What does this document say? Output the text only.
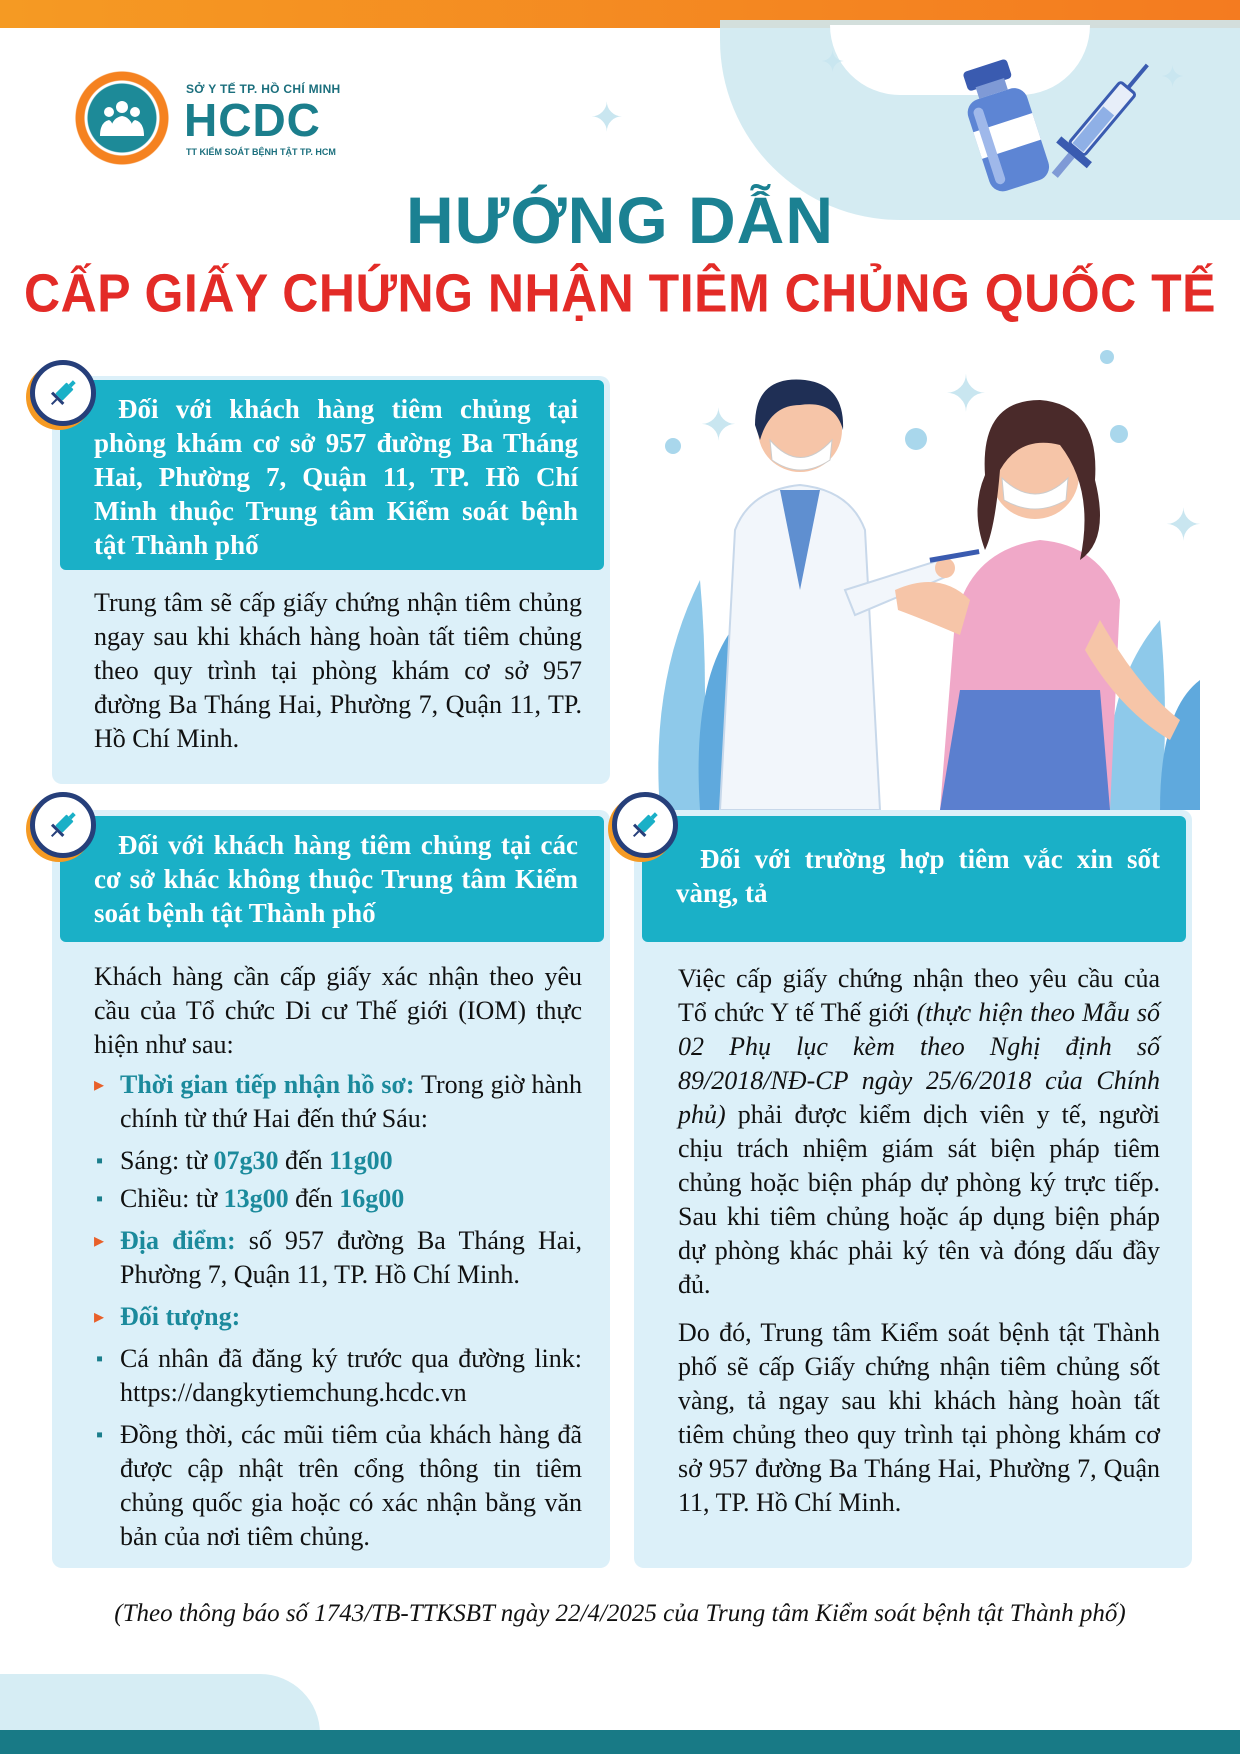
✦
✦	✦
✦
✦
✦
SỞ Y TẾ TP. HỒ CHÍ MINH
HCDC
TT KIỂM SOÁT BỆNH TẬT TP. HCM
HƯỚNG DẪN
CẤP GIẤY CHỨNG NHẬN TIÊM CHỦNG QUỐC TẾ
Đối với khách hàng tiêm chủng tại phòng khám cơ sở 957 đường Ba Tháng Hai, Phường 7, Quận 11, TP. Hồ Chí Minh thuộc Trung tâm Kiểm soát bệnh tật Thành phố

Trung tâm sẽ cấp giấy chứng nhận tiêm chủng ngay sau khi khách hàng hoàn tất tiêm chủng theo quy trình tại phòng khám cơ sở 957 đường Ba Tháng Hai, Phường 7, Quận 11, TP. Hồ Chí Minh.

Đối với khách hàng tiêm chủng tại các cơ sở khác không thuộc Trung tâm Kiểm soát bệnh tật Thành phố

Khách hàng cần cấp giấy xác nhận theo yêu cầu của Tổ chức Di cư Thế giới (IOM) thực hiện như sau:

▸ Thời gian tiếp nhận hồ sơ: Trong giờ hành chính từ thứ Hai đến thứ Sáu:
▪ Sáng: từ 07g30 đến 11g00
▪ Chiều: từ 13g00 đến 16g00
▸ Địa điểm: số 957 đường Ba Tháng Hai, Phường 7, Quận 11, TP. Hồ Chí Minh.
▸ Đối tượng:
▪ Cá nhân đã đăng ký trước qua đường link: https://dangkytiemchung.hcdc.vn
▪ Đồng thời, các mũi tiêm của khách hàng đã được cập nhật trên cổng thông tin tiêm chủng quốc gia hoặc có xác nhận bằng văn bản của nơi tiêm chủng.
Đối với trường hợp tiêm vắc xin sốt vàng, tả

Việc cấp giấy chứng nhận theo yêu cầu của Tổ chức Y tế Thế giới (thực hiện theo Mẫu số 02 Phụ lục kèm theo Nghị định số 89/2018/NĐ-CP ngày 25/6/2018 của Chính phủ) phải được kiểm dịch viên y tế, người chịu trách nhiệm giám sát biện pháp tiêm chủng hoặc biện pháp dự phòng ký trực tiếp. Sau khi tiêm chủng hoặc áp dụng biện pháp dự phòng khác phải ký tên và đóng dấu đầy đủ.

Do đó, Trung tâm Kiểm soát bệnh tật Thành phố sẽ cấp Giấy chứng nhận tiêm chủng sốt vàng, tả ngay sau khi khách hàng hoàn tất tiêm chủng theo quy trình tại phòng khám cơ sở 957 đường Ba Tháng Hai, Phường 7, Quận 11, TP. Hồ Chí Minh.

(Theo thông báo số 1743/TB-TTKSBT ngày 22/4/2025 của Trung tâm Kiểm soát bệnh tật Thành phố)
